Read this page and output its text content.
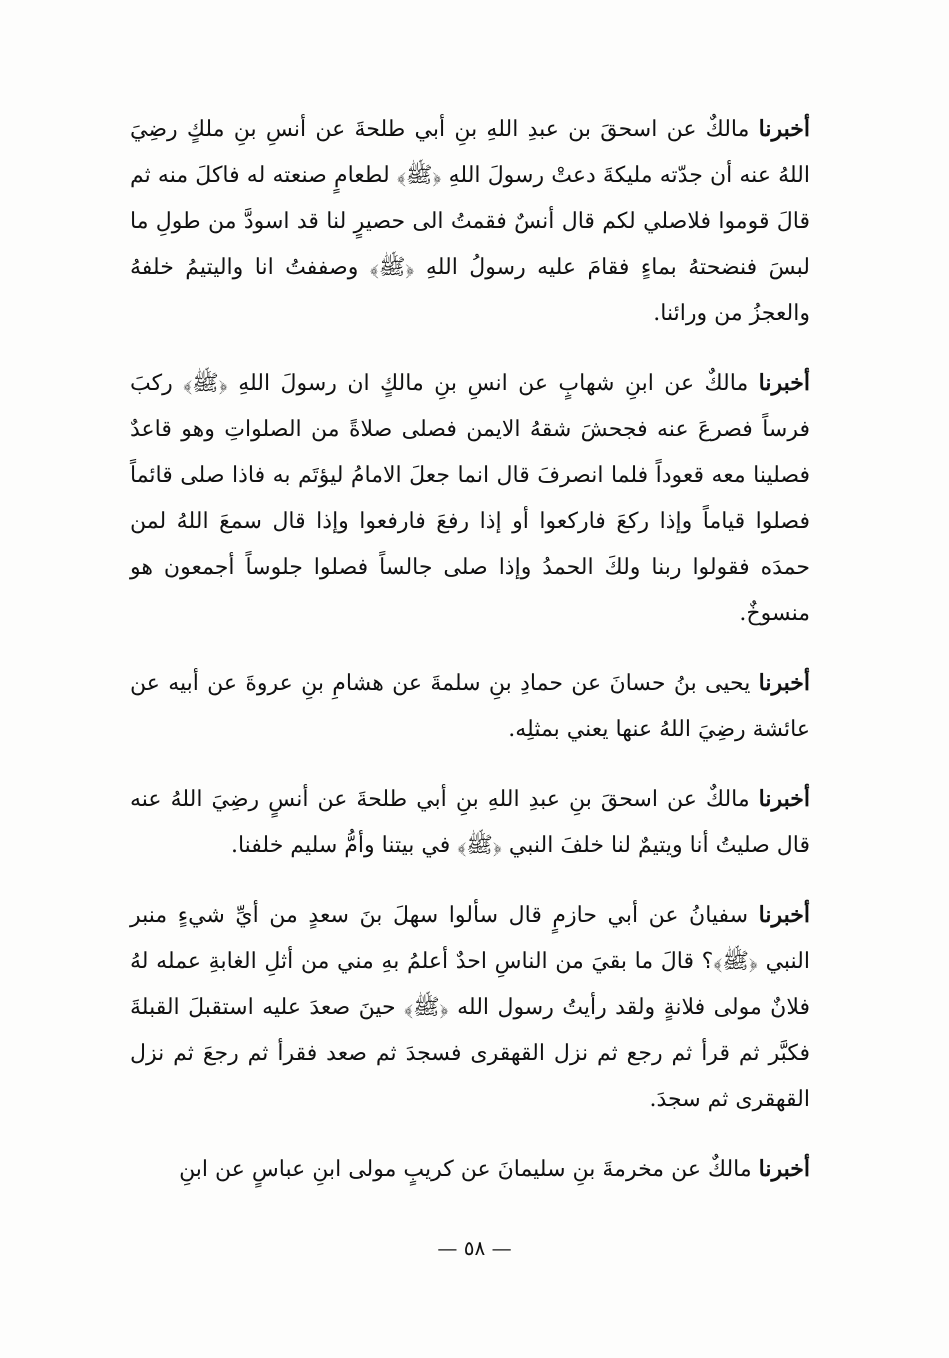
أخبرنا مالكٌ عن اسحقَ بن عبدِ اللهِ بنِ أبي طلحةَ عن أنسِ بنِ ملكٍ رضِيَ اللهُ عنه أن جدّته مليكةَ دعتْ رسولَ اللهِ ﴿ﷺ﴾ لطعامٍ صنعته له فاكلَ منه ثم قالَ قوموا فلاصلي لكم قال أنسٌ فقمتُ الى حصيرٍ لنا قد اسودَّ من طولِ ما لبسَ فنضحتهُ بماءٍ فقامَ عليه رسولُ اللهِ ﴿ﷺ﴾ وصففتُ انا واليتيمُ خلفهُ والعجزُ من ورائنا.

أخبرنا مالكٌ عن ابنِ شهابٍ عن انسِ بنِ مالكٍ ان رسولَ اللهِ ﴿ﷺ﴾ ركبَ فرساً فصرعَ عنه فجحشَ شقهُ الايمن فصلى صلاةً من الصلواتِ وهو قاعدٌ فصلينا معه قعوداً فلما انصرفَ قال انما جعلَ الامامُ ليؤتَم به فاذا صلى قائماً فصلوا قياماً وإذا ركعَ فاركعوا أو إذا رفعَ فارفعوا وإذا قال سمعَ اللهُ لمن حمدَه فقولوا ربنا ولكَ الحمدُ وإذا صلى جالساً فصلوا جلوساً أجمعون هو منسوخٌ.

أخبرنا يحيى بنُ حسانَ عن حمادِ بنِ سلمةَ عن هشامِ بنِ عروةَ عن أبيه عن عائشة رضِيَ اللهُ عنها يعني بمثلِه.

أخبرنا مالكٌ عن اسحقَ بنِ عبدِ اللهِ بنِ أبي طلحةَ عن أنسٍ رضِيَ اللهُ عنه قال صليتُ أنا ويتيمٌ لنا خلفَ النبي ﴿ﷺ﴾ في بيتنا وأمُّ سليم خلفنا.

أخبرنا سفيانُ عن أبي حازمٍ قال سألوا سهلَ بنَ سعدٍ من أيِّ شيءٍ منبر النبي ﴿ﷺ﴾؟ قالَ ما بقيَ من الناسِ احدٌ أعلمُ بهِ مني من أثلِ الغابةِ عمله لهُ فلانٌ مولى فلانةٍ ولقد رأيتُ رسول الله ﴿ﷺ﴾ حينَ صعدَ عليه استقبلَ القبلةَ فكبَّر ثم قرأ ثم رجع ثم نزل القهقرى فسجدَ ثم صعد فقرأ ثم رجعَ ثم نزل القهقرى ثم سجدَ.

أخبرنا مالكٌ عن مخرمةَ بنِ سليمانَ عن كريبٍ مولى ابنِ عباسٍ عن ابنِ

— ٥٨ —
